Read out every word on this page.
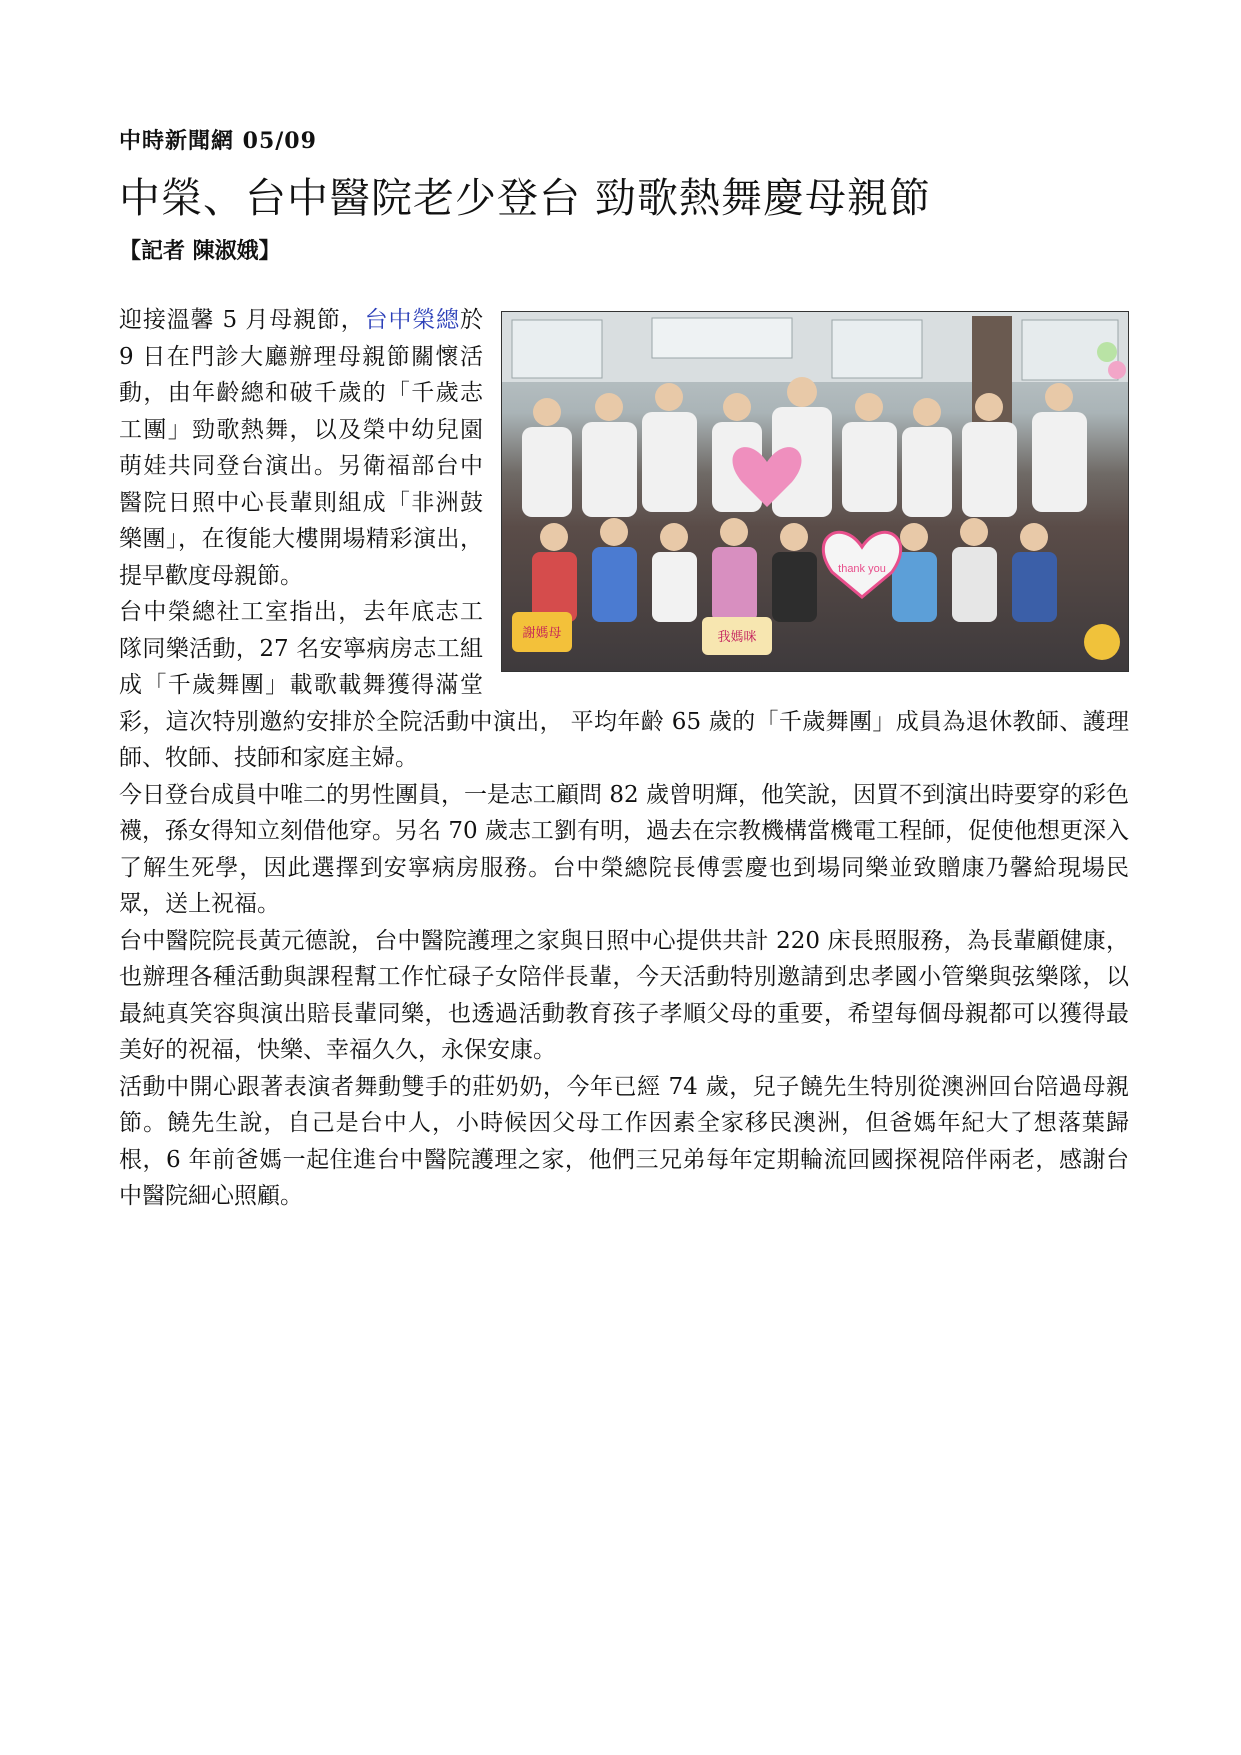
中時新聞網 05/09
中榮、台中醫院老少登台 勁歌熱舞慶母親節
【記者 陳淑娥】
thank you
謝媽母	我媽咪

迎接溫馨 5 月母親節，台中榮總於 9 日在門診大廳辦理母親節關懷活動，由年齡總和破千歲的「千歲志工團」勁歌熱舞，以及榮中幼兒園萌娃共同登台演出。另衛福部台中醫院日照中心長輩則組成「非洲鼓樂團」，在復能大樓開場精彩演出，提早歡度母親節。

台中榮總社工室指出，去年底志工隊同樂活動，27 名安寧病房志工組成「千歲舞團」載歌載舞獲得滿堂彩，這次特別邀約安排於全院活動中演出， 平均年齡 65 歲的「千歲舞團」成員為退休教師、護理師、牧師、技師和家庭主婦。

今日登台成員中唯二的男性團員，一是志工顧問 82 歲曾明輝，他笑說，因買不到演出時要穿的彩色襪，孫女得知立刻借他穿。另名 70 歲志工劉有明，過去在宗教機構當機電工程師，促使他想更深入了解生死學，因此選擇到安寧病房服務。台中榮總院長傅雲慶也到場同樂並致贈康乃馨給現場民眾，送上祝福。

台中醫院院長黃元德說，台中醫院護理之家與日照中心提供共計 220 床長照服務，為長輩顧健康，也辦理各種活動與課程幫工作忙碌子女陪伴長輩，今天活動特別邀請到忠孝國小管樂與弦樂隊，以最純真笑容與演出賠長輩同樂，也透過活動教育孩子孝順父母的重要，希望每個母親都可以獲得最美好的祝福，快樂、幸福久久，永保安康。

活動中開心跟著表演者舞動雙手的莊奶奶，今年已經 74 歲，兒子饒先生特別從澳洲回台陪過母親節。饒先生說，自己是台中人，小時候因父母工作因素全家移民澳洲，但爸媽年紀大了想落葉歸根，6 年前爸媽一起住進台中醫院護理之家，他們三兄弟每年定期輪流回國探視陪伴兩老，感謝台中醫院細心照顧。
